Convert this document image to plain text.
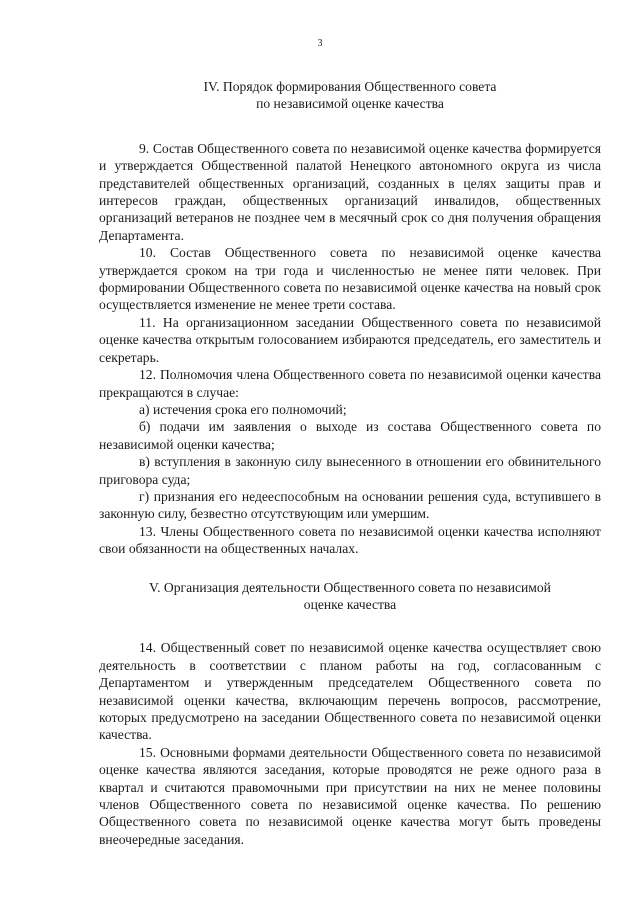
3
IV. Порядок формирования Общественного совета
по независимой оценке качества

9. Состав Общественного совета по независимой оценке качества формируется и утверждается Общественной палатой Ненецкого автономного округа из числа представителей общественных организаций, созданных в целях защиты прав и интересов граждан, общественных организаций инвалидов, общественных организаций ветеранов не позднее чем в месячный срок со дня получения обращения Департамента.

10. Состав Общественного совета по независимой оценке качества утверждается сроком на три года и численностью не менее пяти человек. При формировании Общественного совета по независимой оценке качества на новый срок осуществляется изменение не менее трети состава.

11. На организационном заседании Общественного совета по независимой оценке качества открытым голосованием избираются председатель, его заместитель и секретарь.

12. Полномочия члена Общественного совета по независимой оценки качества прекращаются в случае:

а) истечения срока его полномочий;

б) подачи им заявления о выходе из состава Общественного совета по независимой оценки качества;

в) вступления в законную силу вынесенного в отношении его обвинительного приговора суда;

г) признания его недееспособным на основании решения суда, вступившего в законную силу, безвестно отсутствующим или умершим.

13. Члены Общественного совета по независимой оценки качества исполняют свои обязанности на общественных началах.

V. Организация деятельности Общественного совета по независимой
оценке качества

14. Общественный совет по независимой оценке качества осуществляет свою деятельность в соответствии с планом работы на год, согласованным с Департаментом и утвержденным председателем Общественного совета по независимой оценки качества, включающим перечень вопросов, рассмотрение, которых предусмотрено на заседании Общественного совета по независимой оценки качества.

15. Основными формами деятельности Общественного совета по независимой оценке качества являются заседания, которые проводятся не реже одного раза в квартал и считаются правомочными при присутствии на них не менее половины членов Общественного совета по независимой оценке качества. По решению Общественного совета по независимой оценке качества могут быть проведены внеочередные заседания.
